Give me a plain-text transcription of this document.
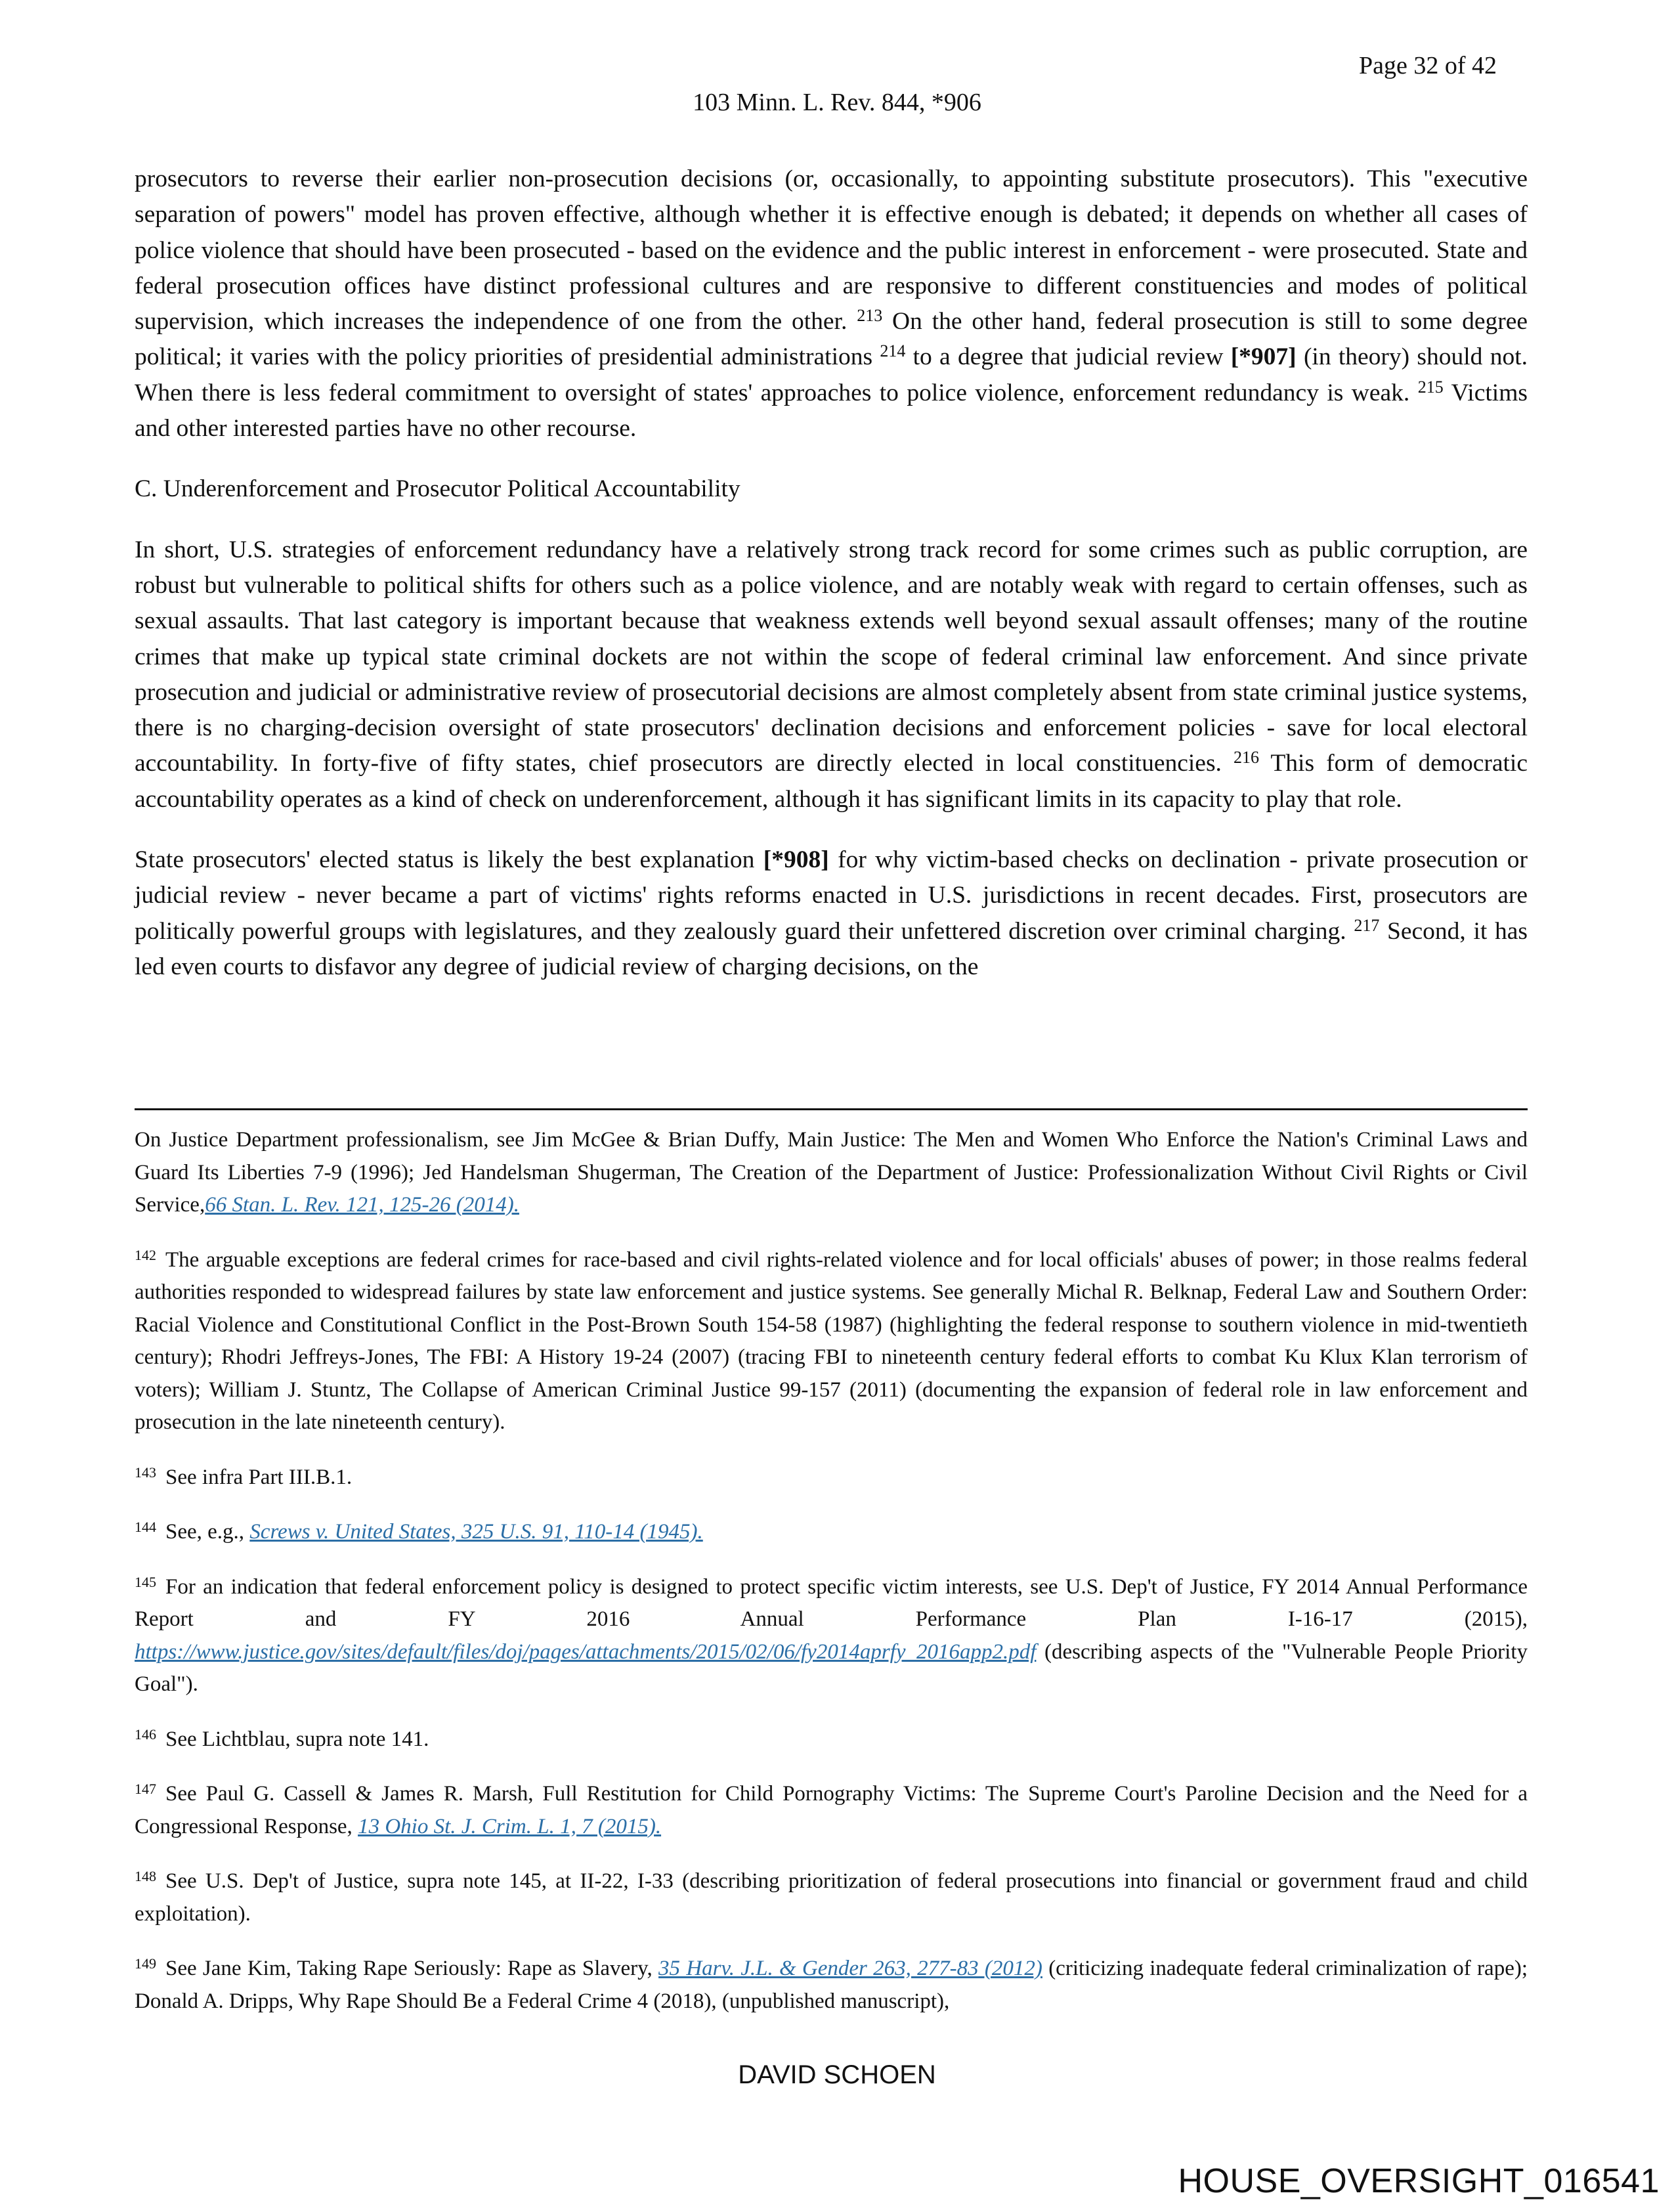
Page 32 of 42
103 Minn. L. Rev. 844, *906

prosecutors to reverse their earlier non-prosecution decisions (or, occasionally, to appointing substitute prosecutors). This "executive separation of powers" model has proven effective, although whether it is effective enough is debated; it depends on whether all cases of police violence that should have been prosecuted - based on the evidence and the public interest in enforcement - were prosecuted. State and federal prosecution offices have distinct professional cultures and are responsive to different constituencies and modes of political supervision, which increases the independence of one from the other. $^{213}$ On the other hand, federal prosecution is still to some degree political; it varies with the policy priorities of presidential administrations $^{214}$ to a degree that judicial review [*907] (in theory) should not. When there is less federal commitment to oversight of states' approaches to police violence, enforcement redundancy is weak. $^{215}$ Victims and other interested parties have no other recourse.

C. Underenforcement and Prosecutor Political Accountability

In short, U.S. strategies of enforcement redundancy have a relatively strong track record for some crimes such as public corruption, are robust but vulnerable to political shifts for others such as a police violence, and are notably weak with regard to certain offenses, such as sexual assaults. That last category is important because that weakness extends well beyond sexual assault offenses; many of the routine crimes that make up typical state criminal dockets are not within the scope of federal criminal law enforcement. And since private prosecution and judicial or administrative review of prosecutorial decisions are almost completely absent from state criminal justice systems, there is no charging-decision oversight of state prosecutors' declination decisions and enforcement policies - save for local electoral accountability. In forty-five of fifty states, chief prosecutors are directly elected in local constituencies. $^{216}$ This form of democratic accountability operates as a kind of check on underenforcement, although it has significant limits in its capacity to play that role.

State prosecutors' elected status is likely the best explanation [*908] for why victim-based checks on declination - private prosecution or judicial review - never became a part of victims' rights reforms enacted in U.S. jurisdictions in recent decades. First, prosecutors are politically powerful groups with legislatures, and they zealously guard their unfettered discretion over criminal charging. $^{217}$ Second, it has led even courts to disfavor any degree of judicial review of charging decisions, on the

On Justice Department professionalism, see Jim McGee & Brian Duffy, Main Justice: The Men and Women Who Enforce the Nation's Criminal Laws and Guard Its Liberties 7-9 (1996); Jed Handelsman Shugerman, The Creation of the Department of Justice: Professionalization Without Civil Rights or Civil Service,66 Stan. L. Rev. 121, 125-26 (2014).

$^{142}$ The arguable exceptions are federal crimes for race-based and civil rights-related violence and for local officials' abuses of power; in those realms federal authorities responded to widespread failures by state law enforcement and justice systems. See generally Michal R. Belknap, Federal Law and Southern Order: Racial Violence and Constitutional Conflict in the Post-Brown South 154-58 (1987) (highlighting the federal response to southern violence in mid-twentieth century); Rhodri Jeffreys-Jones, The FBI: A History 19-24 (2007) (tracing FBI to nineteenth century federal efforts to combat Ku Klux Klan terrorism of voters); William J. Stuntz, The Collapse of American Criminal Justice 99-157 (2011) (documenting the expansion of federal role in law enforcement and prosecution in the late nineteenth century).

$^{143}$ See infra Part III.B.1.

$^{144}$ See, e.g., Screws v. United States, 325 U.S. 91, 110-14 (1945).

$^{145}$ For an indication that federal enforcement policy is designed to protect specific victim interests, see U.S. Dep't of Justice, FY 2014 Annual Performance Report and FY 2016 Annual Performance Plan I-16-17 (2015), https://www.justice.gov/sites/default/files/doj/pages/attachments/2015/02/06/fy2014aprfy_2016app2.pdf (describing aspects of the "Vulnerable People Priority Goal").

$^{146}$ See Lichtblau, supra note 141.

$^{147}$ See Paul G. Cassell & James R. Marsh, Full Restitution for Child Pornography Victims: The Supreme Court's Paroline Decision and the Need for a Congressional Response, 13 Ohio St. J. Crim. L. 1, 7 (2015).

$^{148}$ See U.S. Dep't of Justice, supra note 145, at II-22, I-33 (describing prioritization of federal prosecutions into financial or government fraud and child exploitation).

$^{149}$ See Jane Kim, Taking Rape Seriously: Rape as Slavery, 35 Harv. J.L. & Gender 263, 277-83 (2012) (criticizing inadequate federal criminalization of rape); Donald A. Dripps, Why Rape Should Be a Federal Crime 4 (2018), (unpublished manuscript),

DAVID SCHOEN
HOUSE_OVERSIGHT_016541
